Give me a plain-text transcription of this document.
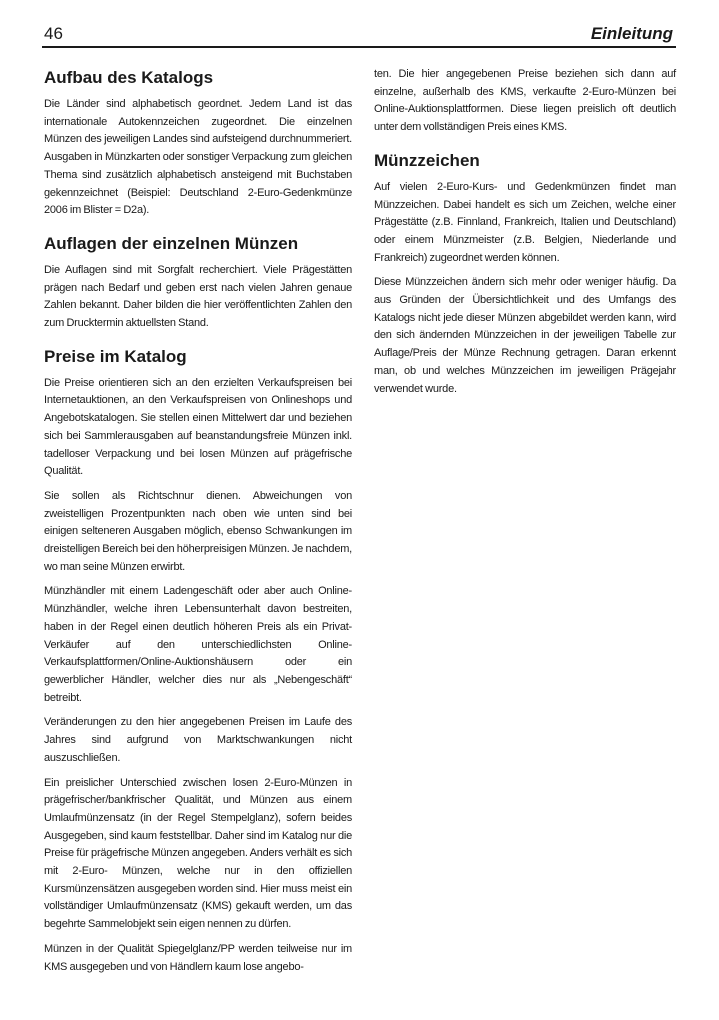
46	Einleitung
Aufbau des Katalogs

Die Länder sind alphabetisch geordnet. Jedem Land ist das internationale Autokennzeichen zugeordnet. Die einzelnen Münzen des jeweiligen Landes sind aufsteigend durchnummeriert. Ausgaben in Münzkarten oder sonstiger Verpackung zum gleichen Thema sind zusätzlich alphabetisch ansteigend mit Buchstaben gekennzeichnet (Beispiel: Deutschland 2-Euro-Gedenkmünze 2006 im Blister = D2a).

Auflagen der einzelnen Münzen

Die Auflagen sind mit Sorgfalt recherchiert. Viele Prägestätten prägen nach Bedarf und geben erst nach vielen Jahren genaue Zahlen bekannt. Daher bilden die hier veröffentlichten Zahlen den zum Drucktermin aktuellsten Stand.

Preise im Katalog

Die Preise orientieren sich an den erzielten Verkaufspreisen bei Internetauktionen, an den Verkaufspreisen von Onlineshops und Angebotskatalogen. Sie stellen einen Mittelwert dar und beziehen sich bei Sammlerausgaben auf beanstandungsfreie Münzen inkl. tadelloser Verpackung und bei losen Münzen auf prägefrische Qualität.

Sie sollen als Richtschnur dienen. Abweichungen von zweistelligen Prozentpunkten nach oben wie unten sind bei einigen selteneren Ausgaben möglich, ebenso Schwankungen im dreistelligen Bereich bei den höherpreisigen Münzen. Je nachdem, wo man seine Münzen erwirbt.

Münzhändler mit einem Ladengeschäft oder aber auch Online-Münzhändler, welche ihren Lebensunterhalt davon bestreiten, haben in der Regel einen deutlich höheren Preis als ein Privat-Verkäufer auf den unterschiedlichsten Online-Verkaufsplattformen/Online-Auktionshäusern oder ein gewerblicher Händler, welcher dies nur als „Nebengeschäft“ betreibt.

Veränderungen zu den hier angegebenen Preisen im Laufe des Jahres sind aufgrund von Marktschwankungen nicht auszuschließen.

Ein preislicher Unterschied zwischen losen 2-Euro-Münzen in prägefrischer/bankfrischer Qualität, und Münzen aus einem Umlaufmünzensatz (in der Regel Stempelglanz), sofern beides Ausgegeben, sind kaum feststellbar. Daher sind im Katalog nur die Preise für prägefrische Münzen angegeben. Anders verhält es sich mit 2-Euro- Münzen, welche nur in den offiziellen Kursmünzensätzen ausgegeben worden sind. Hier muss meist ein vollständiger Umlaufmünzensatz (KMS) gekauft werden, um das begehrte Sammelobjekt sein eigen nennen zu dürfen.

Münzen in der Qualität Spiegelglanz/PP werden teilweise nur im KMS ausgegeben und von Händlern kaum lose angebo-

ten. Die hier angegebenen Preise beziehen sich dann auf einzelne, außerhalb des KMS, verkaufte 2-Euro-Münzen bei Online-Auktionsplattformen. Diese liegen preislich oft deutlich unter dem vollständigen Preis eines KMS.

Münzzeichen

Auf vielen 2-Euro-Kurs- und Gedenkmünzen findet man Münzzeichen. Dabei handelt es sich um Zeichen, welche einer Prägestätte (z.B. Finnland, Frankreich, Italien und Deutschland) oder einem Münzmeister (z.B. Belgien, Niederlande und Frankreich) zugeordnet werden können.

Diese Münzzeichen ändern sich mehr oder weniger häufig. Da aus Gründen der Übersichtlichkeit und des Umfangs des Katalogs nicht jede dieser Münzen abgebildet werden kann, wird den sich ändernden Münzzeichen in der jeweiligen Tabelle zur Auflage/Preis der Münze Rechnung getragen. Daran erkennt man, ob und welches Münzzeichen im jeweiligen Prägejahr verwendet wurde.
